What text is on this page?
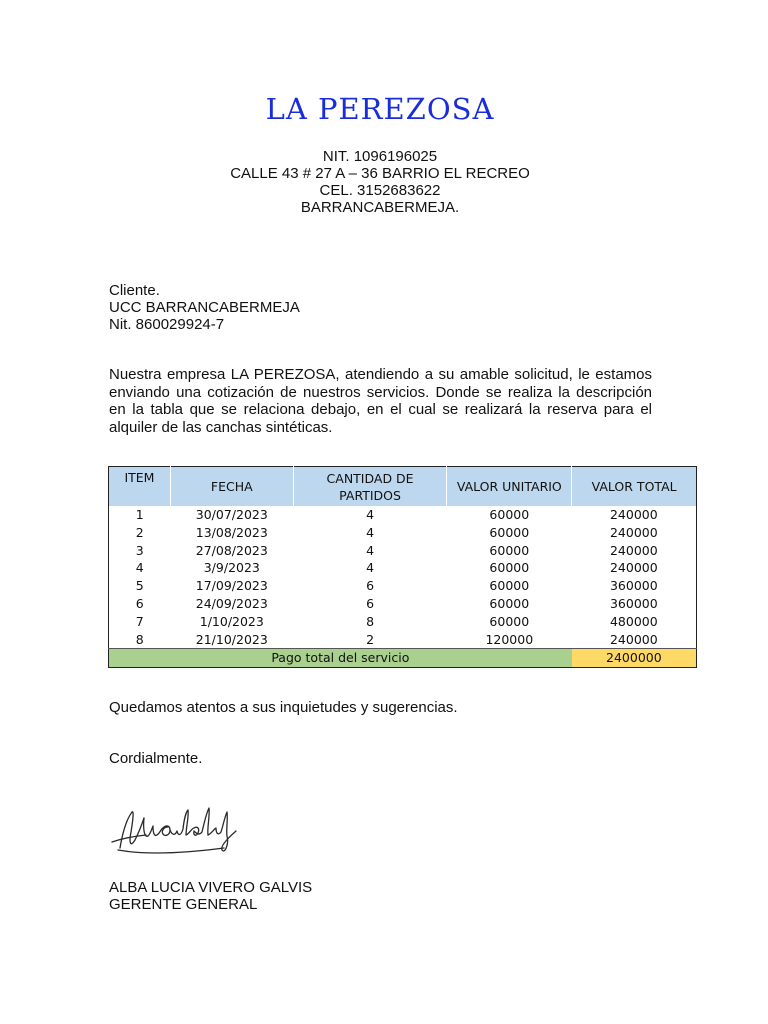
LA PEREZOSA
NIT. 1096196025
CALLE 43 # 27 A – 36 BARRIO EL RECREO
CEL. 3152683622
BARRANCABERMEJA.
Cliente.
UCC BARRANCABERMEJA
Nit. 860029924-7
Nuestra empresa LA PEREZOSA, atendiendo a su amable solicitud, le estamos enviando una cotización de nuestros servicios. Donde se realiza la descripción en la tabla que se relaciona debajo, en el cual se realizará la reserva para el alquiler de las canchas sintéticas.
ITEM	FECHA	CANTIDAD DE PARTIDOS	VALOR UNITARIO	VALOR TOTAL
1	30/07/2023	4	60000	240000
2	13/08/2023	4	60000	240000
3	27/08/2023	4	60000	240000
4	3/9/2023	4	60000	240000
5	17/09/2023	6	60000	360000
6	24/09/2023	6	60000	360000
7	1/10/2023	8	60000	480000
8	21/10/2023	2	120000	240000
Pago total del servicio				2400000
Quedamos atentos a sus inquietudes y sugerencias.
Cordialmente.
ALBA LUCIA VIVERO GALVIS
GERENTE GENERAL
